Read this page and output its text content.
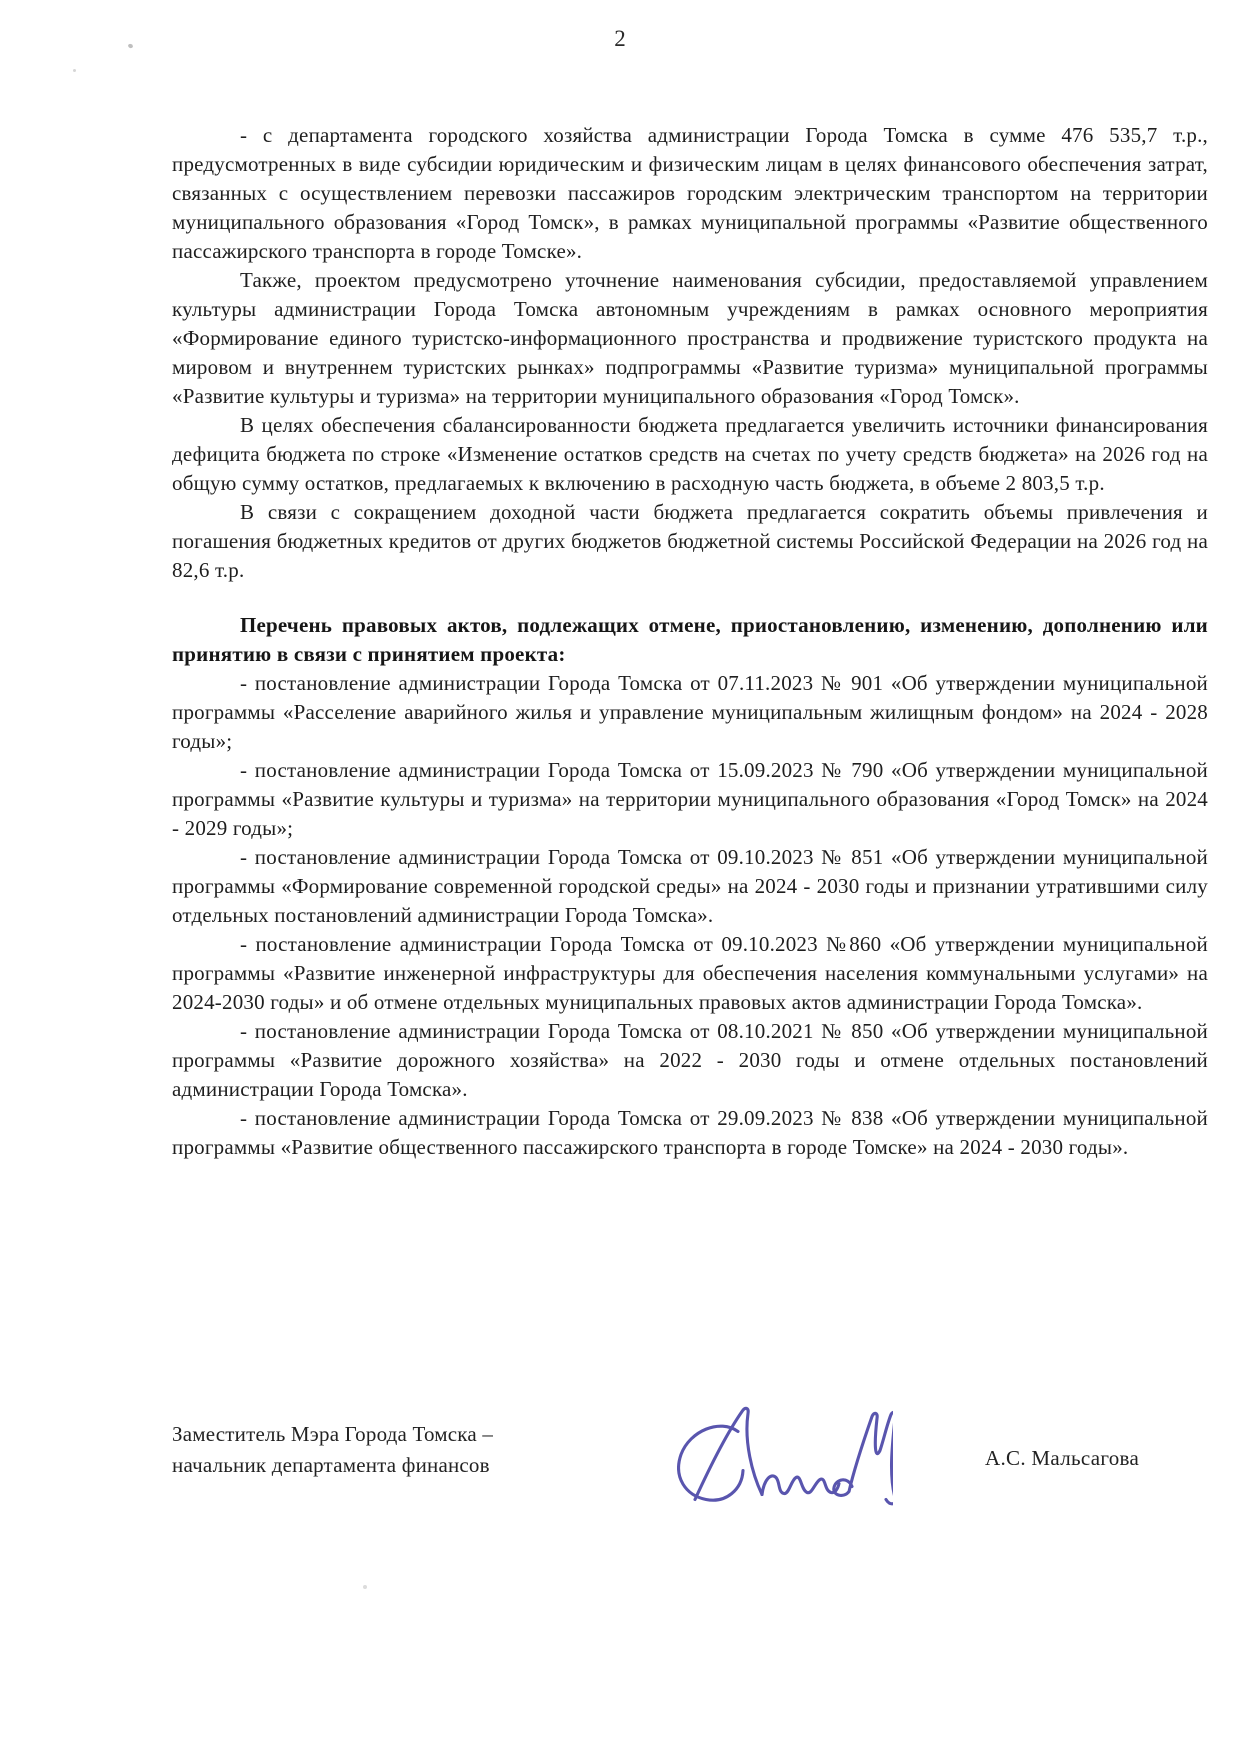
2

- с департамента городского хозяйства администрации Города Томска в сумме 476 535,7 т.р., предусмотренных в виде субсидии юридическим и физическим лицам в целях финансового обеспечения затрат, связанных с осуществлением перевозки пассажиров городским электрическим транспортом на территории муниципального образования «Город Томск», в рамках муниципальной программы «Развитие общественного пассажирского транспорта в городе Томске».

Также, проектом предусмотрено уточнение наименования субсидии, предоставляемой управлением культуры администрации Города Томска автономным учреждениям в рамках основного мероприятия «Формирование единого туристско-информационного пространства и продвижение туристского продукта на мировом и внутреннем туристских рынках» подпрограммы «Развитие туризма» муниципальной программы «Развитие культуры и туризма» на территории муниципального образования «Город Томск».

В целях обеспечения сбалансированности бюджета предлагается увеличить источники финансирования дефицита бюджета по строке «Изменение остатков средств на счетах по учету средств бюджета» на 2026 год на общую сумму остатков, предлагаемых к включению в расходную часть бюджета, в объеме 2 803,5 т.р.

В связи с сокращением доходной части бюджета предлагается сократить объемы привлечения и погашения бюджетных кредитов от других бюджетов бюджетной системы Российской Федерации на 2026 год на 82,6 т.р.

Перечень правовых актов, подлежащих отмене, приостановлению, изменению, дополнению или принятию в связи с принятием проекта:

- постановление администрации Города Томска от 07.11.2023 № 901 «Об утверждении муниципальной программы «Расселение аварийного жилья и управление муниципальным жилищным фондом» на 2024 - 2028 годы»;

- постановление администрации Города Томска от 15.09.2023 № 790 «Об утверждении муниципальной программы «Развитие культуры и туризма» на территории муниципального образования «Город Томск» на 2024 - 2029 годы»;

- постановление администрации Города Томска от 09.10.2023 № 851 «Об утверждении муниципальной программы «Формирование современной городской среды» на 2024 - 2030 годы и признании утратившими силу отдельных постановлений администрации Города Томска».

- постановление администрации Города Томска от 09.10.2023 №860 «Об утверждении муниципальной программы «Развитие инженерной инфраструктуры для обеспечения населения коммунальными услугами» на 2024-2030 годы» и об отмене отдельных муниципальных правовых актов администрации Города Томска».

- постановление администрации Города Томска от 08.10.2021 № 850 «Об утверждении муниципальной программы «Развитие дорожного хозяйства» на 2022 - 2030 годы и отмене отдельных постановлений администрации Города Томска».

- постановление администрации Города Томска от 29.09.2023 № 838 «Об утверждении муниципальной программы «Развитие общественного пассажирского транспорта в городе Томске» на 2024 - 2030 годы».

Заместитель Мэра Города Томска –
начальник департамента финансов	А.С. Мальсагова
